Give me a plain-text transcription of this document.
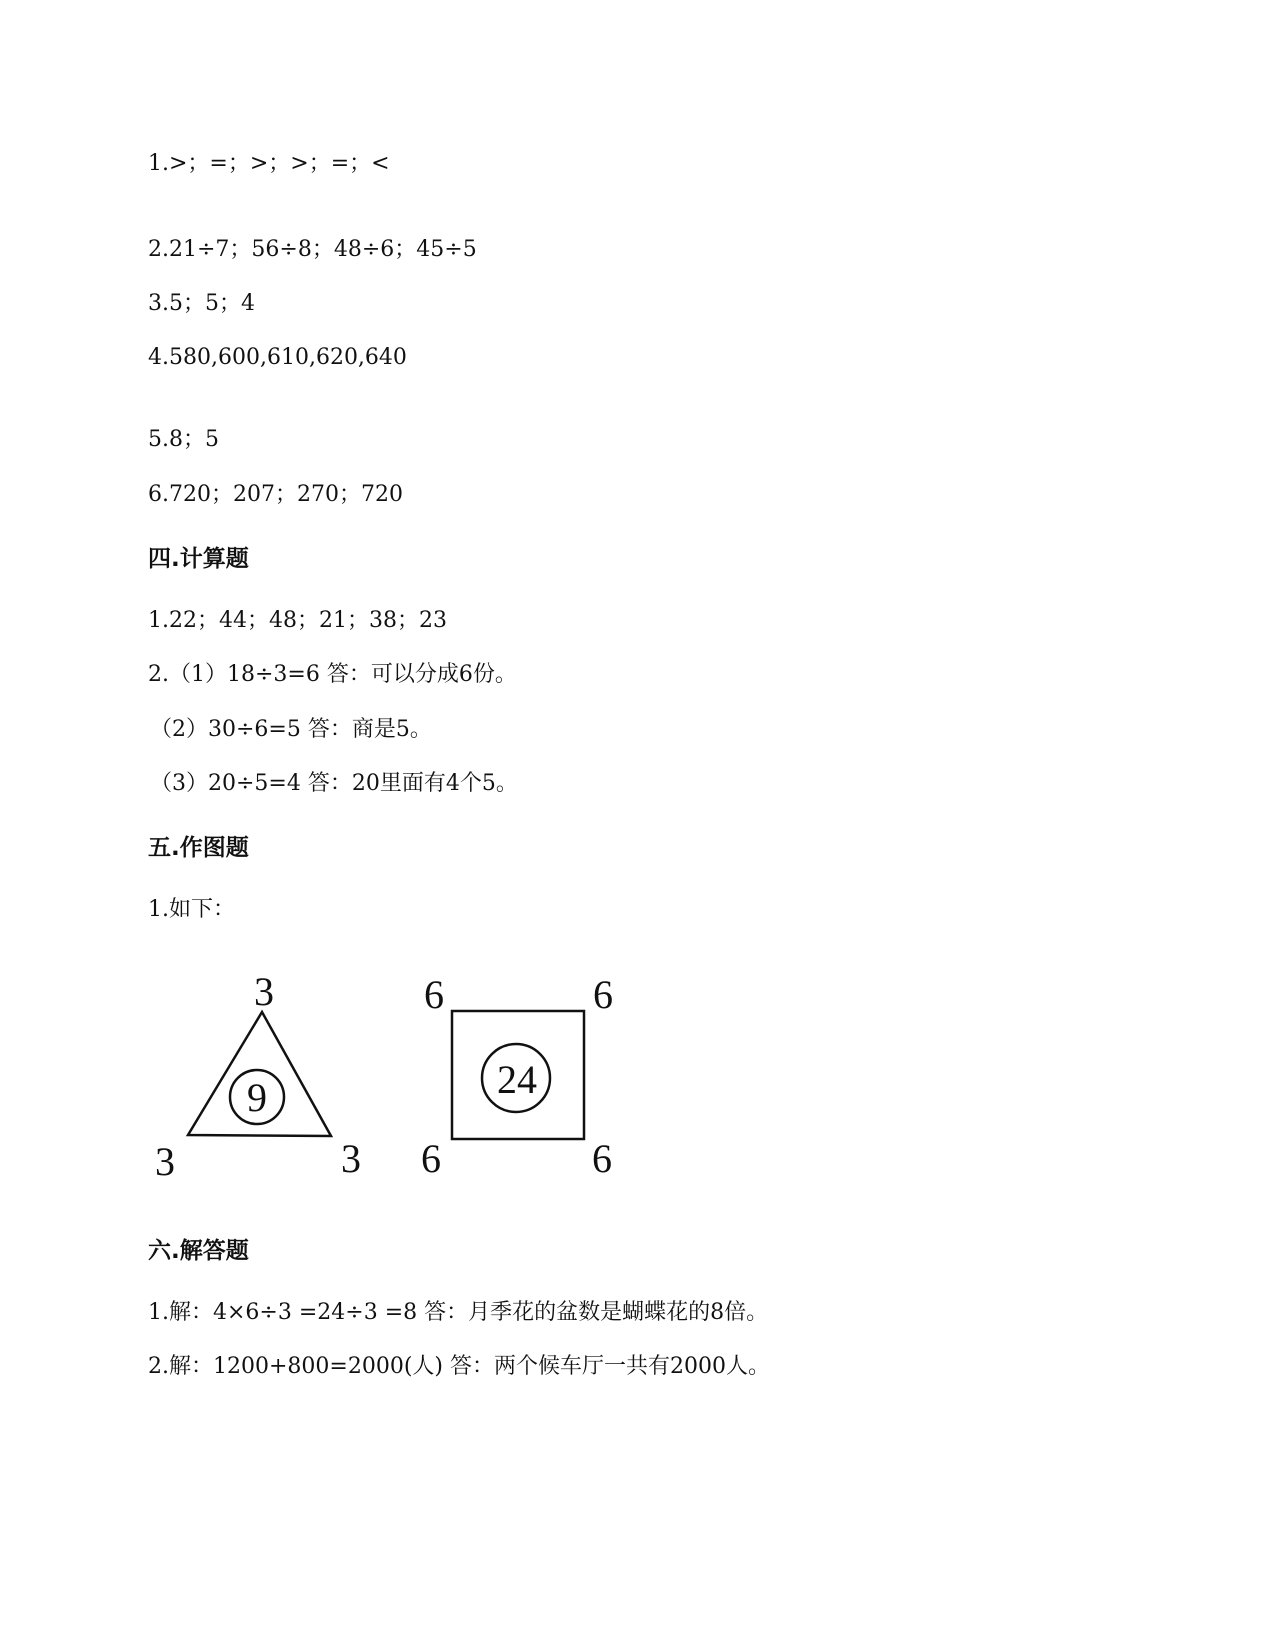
1.>；=；>；>；=；<
2.21÷7；56÷8；48÷6；45÷5
3.5；5；4
4.580,600,610,620,640
5.8；5
6.720；207；270；720
四.计算题
1.22；44；48；21；38；23
2.（1）18÷3=6 答：可以分成6份。
（2）30÷6=5 答：商是5。
（3）20÷5=4 答：20里面有4个5。
五.作图题
1.如下：
9
3
3	3
24
6	6
6	6
六.解答题
1.解：4×6÷3 =24÷3 =8 答：月季花的盆数是蝴蝶花的8倍。
2.解：1200+800=2000(人) 答：两个候车厅一共有2000人。
